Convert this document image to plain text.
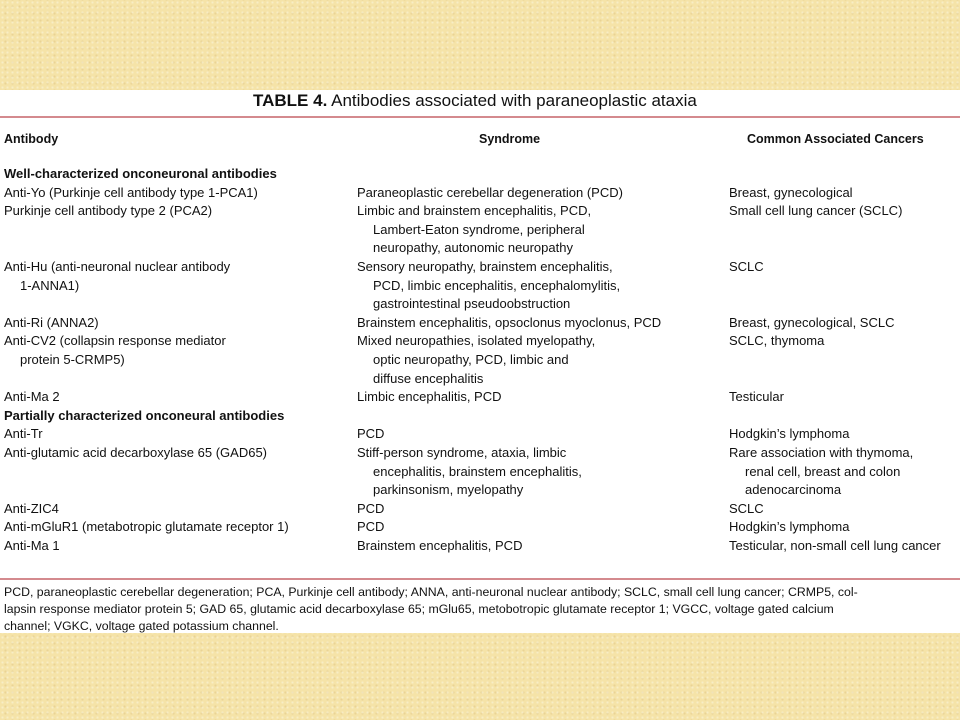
TABLE 4. Antibodies associated with paraneoplastic ataxia
Antibody	Syndrome	Common Associated Cancers
Well-characterized onconeuronal antibodies
Anti-Yo (Purkinje cell antibody type 1-PCA1)
Purkinje cell antibody type 2 (PCA2)

Anti-Hu (anti-neuronal nuclear antibody
1-ANNA1)

Anti-Ri (ANNA2)
Anti-CV2 (collapsin response mediator
protein 5-CRMP5)

Anti-Ma 2
Partially characterized onconeural antibodies
Anti-Tr
Anti-glutamic acid decarboxylase 65 (GAD65)

Anti-ZIC4
Anti-mGluR1 (metabotropic glutamate receptor 1)
Anti-Ma 1
Paraneoplastic cerebellar degeneration (PCD)
Limbic and brainstem encephalitis, PCD,
Lambert-Eaton syndrome, peripheral
neuropathy, autonomic neuropathy
Sensory neuropathy, brainstem encephalitis,
PCD, limbic encephalitis, encephalomylitis,
gastrointestinal pseudoobstruction
Brainstem encephalitis, opsoclonus myoclonus, PCD
Mixed neuropathies, isolated myelopathy,
optic neuropathy, PCD, limbic and
diffuse encephalitis
Limbic encephalitis, PCD

PCD
Stiff-person syndrome, ataxia, limbic
encephalitis, brainstem encephalitis,
parkinsonism, myelopathy
PCD
PCD
Brainstem encephalitis, PCD
Breast, gynecological
Small cell lung cancer (SCLC)

SCLC

Breast, gynecological, SCLC
SCLC, thymoma

Testicular

Hodgkin’s lymphoma
Rare association with thymoma,
renal cell, breast and colon
adenocarcinoma
SCLC
Hodgkin’s lymphoma
Testicular, non-small cell lung cancer
PCD, paraneoplastic cerebellar degeneration; PCA, Purkinje cell antibody; ANNA, anti-neuronal nuclear antibody; SCLC, small cell lung cancer; CRMP5, col-
lapsin response mediator protein 5; GAD 65, glutamic acid decarboxylase 65; mGlu65, metobotropic glutamate receptor 1; VGCC, voltage gated calcium
channel; VGKC, voltage gated potassium channel.
